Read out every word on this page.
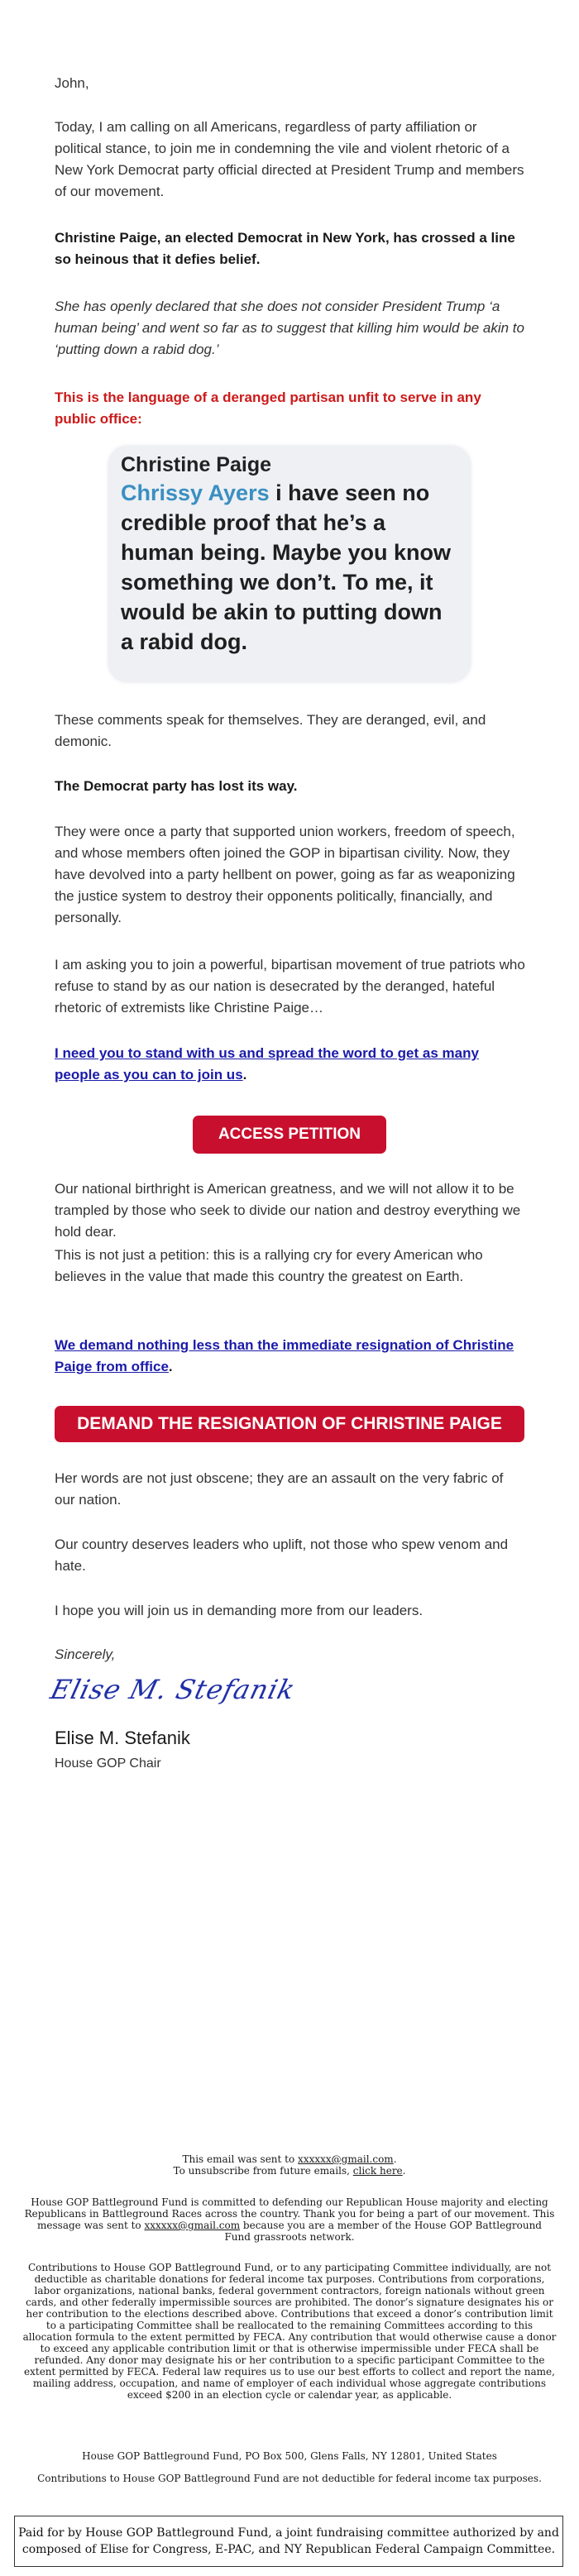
John,

Today, I am calling on all Americans, regardless of party affiliation or political stance, to join me in condemning the vile and violent rhetoric of a New York Democrat party official directed at President Trump and members of our movement.

Christine Paige, an elected Democrat in New York, has crossed a line so heinous that it defies belief.

She has openly declared that she does not consider President Trump ‘a human being’ and went so far as to suggest that killing him would be akin to ‘putting down a rabid dog.’

This is the language of a deranged partisan unfit to serve in any public office:

Christine Paige
Chrissy Ayers i have seen no credible proof that he’s a human being. Maybe you know something we don’t. To me, it would be akin to putting down a rabid dog.

These comments speak for themselves. They are deranged, evil, and demonic.

The Democrat party has lost its way.

They were once a party that supported union workers, freedom of speech, and whose members often joined the GOP in bipartisan civility. Now, they have devolved into a party hellbent on power, going as far as weaponizing the justice system to destroy their opponents politically, financially, and personally.

I am asking you to join a powerful, bipartisan movement of true patriots who refuse to stand by as our nation is desecrated by the deranged, hateful rhetoric of extremists like Christine Paige…

I need you to stand with us and spread the word to get as many people as you can to join us.

ACCESS PETITION

Our national birthright is American greatness, and we will not allow it to be trampled by those who seek to divide our nation and destroy everything we hold dear.

This is not just a petition: this is a rallying cry for every American who believes in the value that made this country the greatest on Earth.

We demand nothing less than the immediate resignation of Christine Paige from office.

DEMAND THE RESIGNATION OF CHRISTINE PAIGE

Her words are not just obscene; they are an assault on the very fabric of our nation.

Our country deserves leaders who uplift, not those who spew venom and hate.

I hope you will join us in demanding more from our leaders.

Sincerely,

Elise M. Stefanik

Elise M. Stefanik

House GOP Chair

This email was sent to xxxxxx@gmail.com.
To unsubscribe from future emails, click here.
House GOP Battleground Fund is committed to defending our Republican House majority and electing Republicans in Battleground Races across the country. Thank you for being a part of our movement. This message was sent to xxxxxx@gmail.com because you are a member of the House GOP Battleground Fund grassroots network.
Contributions to House GOP Battleground Fund, or to any participating Committee individually, are not deductible as charitable donations for federal income tax purposes. Contributions from corporations, labor organizations, national banks, federal government contractors, foreign nationals without green cards, and other federally impermissible sources are prohibited. The donor’s signature designates his or her contribution to the elections described above. Contributions that exceed a donor’s contribution limit to a participating Committee shall be reallocated to the remaining Committees according to this allocation formula to the extent permitted by FECA. Any contribution that would otherwise cause a donor to exceed any applicable contribution limit or that is otherwise impermissible under FECA shall be refunded. Any donor may designate his or her contribution to a specific participant Committee to the extent permitted by FECA. Federal law requires us to use our best efforts to collect and report the name, mailing address, occupation, and name of employer of each individual whose aggregate contributions exceed $200 in an election cycle or calendar year, as applicable.
House GOP Battleground Fund, PO Box 500, Glens Falls, NY 12801, United States
Contributions to House GOP Battleground Fund are not deductible for federal income tax purposes.
Paid for by House GOP Battleground Fund, a joint fundraising committee authorized by and composed of Elise for Congress, E-PAC, and NY Republican Federal Campaign Committee.
